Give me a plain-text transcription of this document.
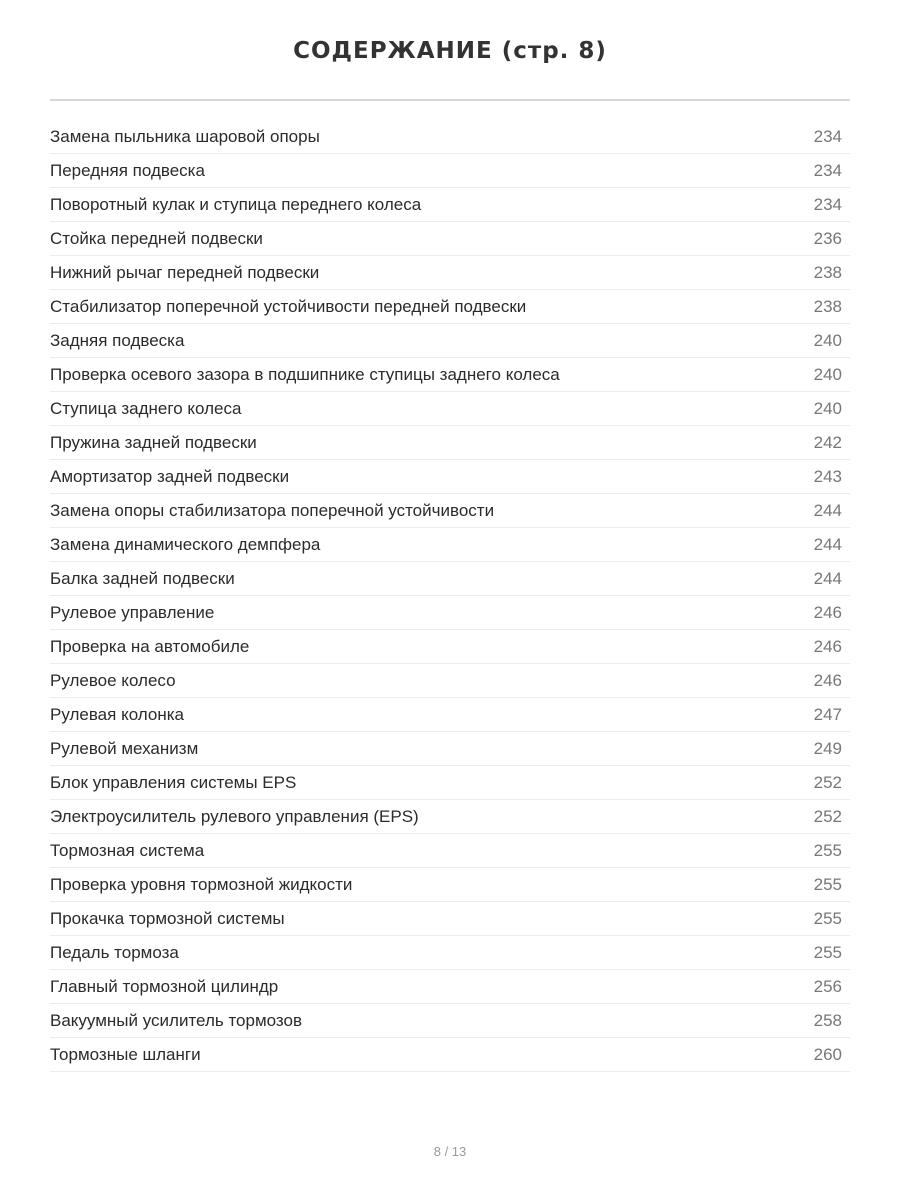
СОДЕРЖАНИЕ (стр. 8)
Замена пыльника шаровой опоры	234
Передняя подвеска	234
Поворотный кулак и ступица переднего колеса	234
Стойка передней подвески	236
Нижний рычаг передней подвески	238
Стабилизатор поперечной устойчивости передней подвески	238
Задняя подвеска	240
Проверка осевого зазора в подшипнике ступицы заднего колеса	240
Ступица заднего колеса	240
Пружина задней подвески	242
Амортизатор задней подвески	243
Замена опоры стабилизатора поперечной устойчивости	244
Замена динамического демпфера	244
Балка задней подвески	244
Рулевое управление	246
Проверка на автомобиле	246
Рулевое колесо	246
Рулевая колонка	247
Рулевой механизм	249
Блок управления системы EPS	252
Электроусилитель рулевого управления (EPS)	252
Тормозная система	255
Проверка уровня тормозной жидкости	255
Прокачка тормозной системы	255
Педаль тормоза	255
Главный тормозной цилиндр	256
Вакуумный усилитель тормозов	258
Тормозные шланги	260
8 / 13
